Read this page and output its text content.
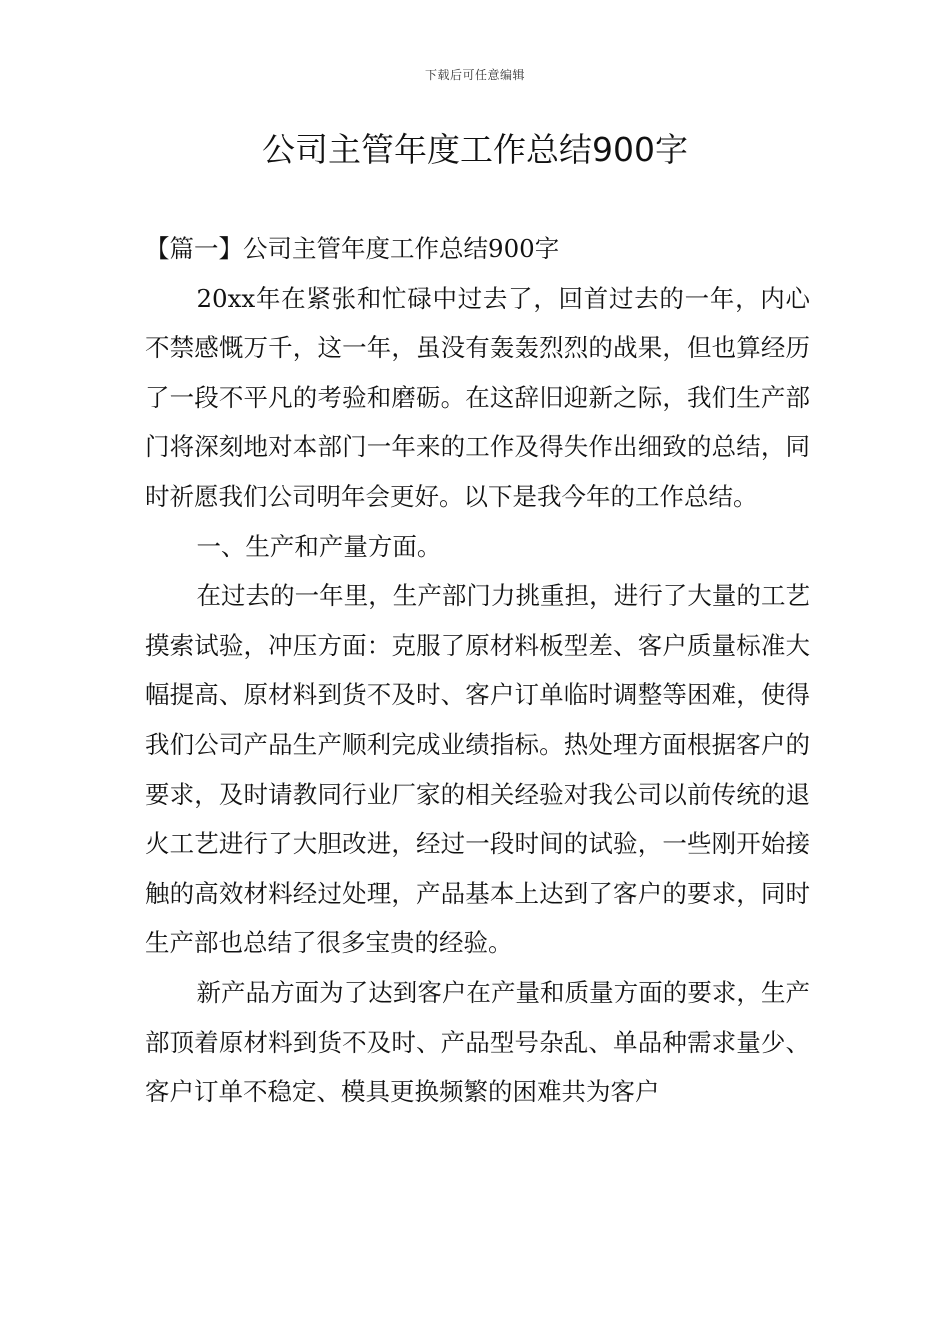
下载后可任意编辑
公司主管年度工作总结900字

【篇一】公司主管年度工作总结900字

20xx年在紧张和忙碌中过去了，回首过去的一年，内心不禁感慨万千，这一年，虽没有轰轰烈烈的战果，但也算经历了一段不平凡的考验和磨砺。在这辞旧迎新之际，我们生产部门将深刻地对本部门一年来的工作及得失作出细致的总结，同时祈愿我们公司明年会更好。以下是我今年的工作总结。

一、生产和产量方面。

在过去的一年里，生产部门力挑重担，进行了大量的工艺摸索试验，冲压方面：克服了原材料板型差、客户质量标准大幅提高、原材料到货不及时、客户订单临时调整等困难，使得我们公司产品生产顺利完成业绩指标。热处理方面根据客户的要求，及时请教同行业厂家的相关经验对我公司以前传统的退火工艺进行了大胆改进，经过一段时间的试验，一些刚开始接触的高效材料经过处理，产品基本上达到了客户的要求，同时生产部也总结了很多宝贵的经验。

新产品方面为了达到客户在产量和质量方面的要求，生产部顶着原材料到货不及时、产品型号杂乱、单品种需求量少、客户订单不稳定、模具更换频繁的困难共为客户
